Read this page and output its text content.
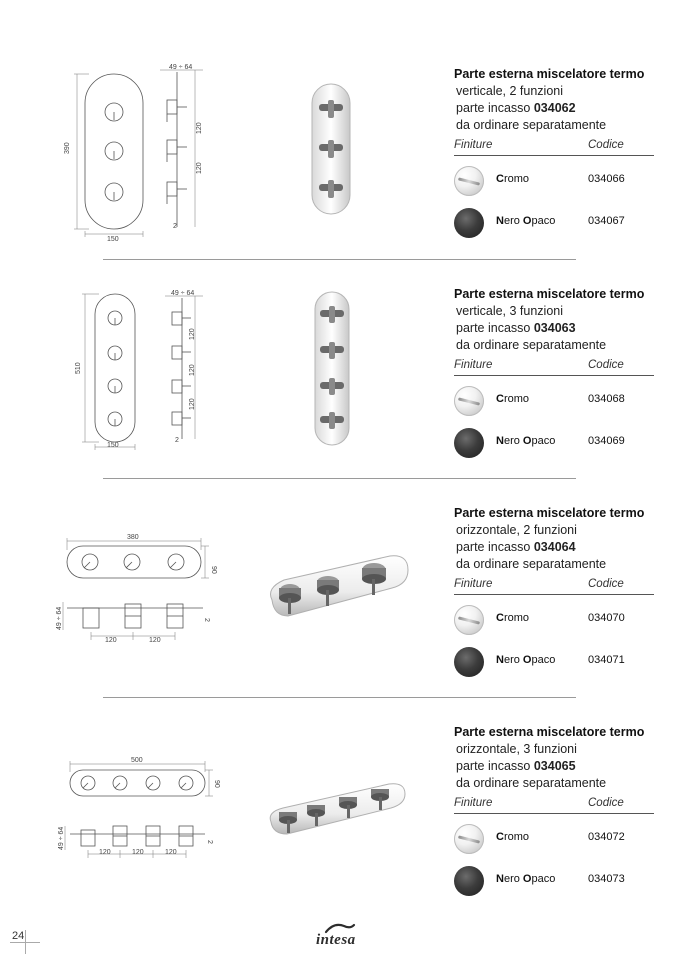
390
150
49 ÷ 64
120
120
2

Parte esterna miscelatore termo

verticale, 2 funzioni

parte incasso 034062

da ordinare separatamente

Finiture	Codice
Cromo	034066
Nero Opaco	034067
510
150
49 ÷ 64
120
120
120
2

Parte esterna miscelatore termo

verticale, 3 funzioni

parte incasso 034063

da ordinare separatamente

Finiture	Codice
Cromo	034068
Nero Opaco	034069
380
90
49 ÷ 64
120	120
2

Parte esterna miscelatore termo

orizzontale, 2 funzioni

parte incasso 034064

da ordinare separatamente

Finiture	Codice
Cromo	034070
Nero Opaco	034071
500
90
49 ÷ 64
120	120	120
2

Parte esterna miscelatore termo

orizzontale, 3 funzioni

parte incasso 034065

da ordinare separatamente

Finiture	Codice
Cromo	034072
Nero Opaco	034073
24	intesa
